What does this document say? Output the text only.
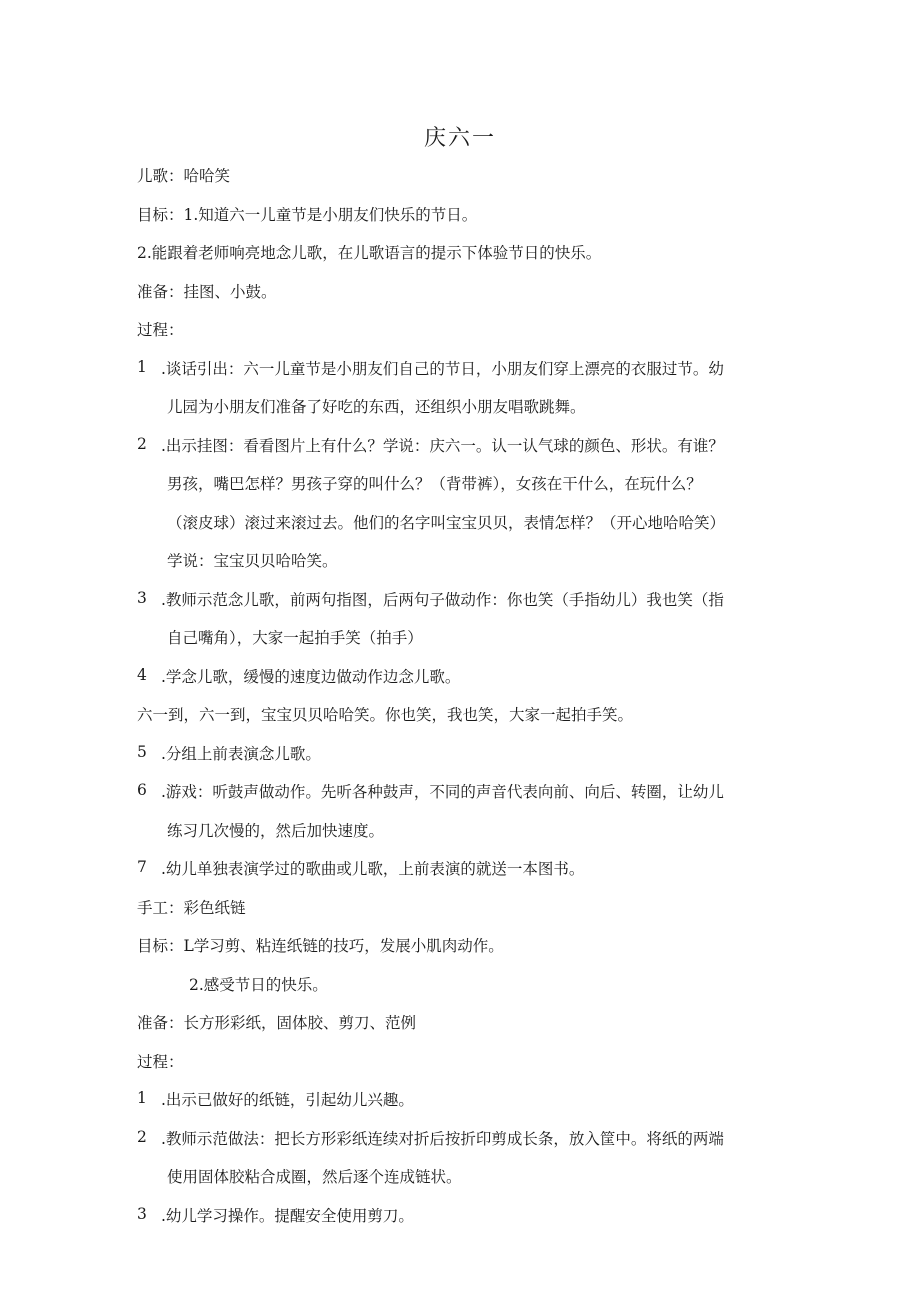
庆六一
儿歌：哈哈笑
目标：1.知道六一儿童节是小朋友们快乐的节日。
2.能跟着老师响亮地念儿歌，在儿歌语言的提示下体验节日的快乐。
准备：挂图、小鼓。
过程：
1 .谈话引出：六一儿童节是小朋友们自己的节日，小朋友们穿上漂亮的衣服过节。幼
儿园为小朋友们准备了好吃的东西，还组织小朋友唱歌跳舞。
2 .出示挂图：看看图片上有什么？学说：庆六一。认一认气球的颜色、形状。有谁？
男孩，嘴巴怎样？男孩子穿的叫什么？（背带裤），女孩在干什么，在玩什么？
（滚皮球）滚过来滚过去。他们的名字叫宝宝贝贝，表情怎样？（开心地哈哈笑）
学说：宝宝贝贝哈哈笑。
3 .教师示范念儿歌，前两句指图，后两句子做动作：你也笑（手指幼儿）我也笑（指
自己嘴角），大家一起拍手笑（拍手）
4 .学念儿歌，缓慢的速度边做动作边念儿歌。
六一到，六一到，宝宝贝贝哈哈笑。你也笑，我也笑，大家一起拍手笑。
5 .分组上前表演念儿歌。
6 .游戏：听鼓声做动作。先听各种鼓声，不同的声音代表向前、向后、转圈，让幼儿
练习几次慢的，然后加快速度。
7 .幼儿单独表演学过的歌曲或儿歌，上前表演的就送一本图书。
手工：彩色纸链
目标：L学习剪、粘连纸链的技巧，发展小肌肉动作。
2.感受节日的快乐。
准备：长方形彩纸，固体胶、剪刀、范例
过程：
1 .出示已做好的纸链，引起幼儿兴趣。
2 .教师示范做法：把长方形彩纸连续对折后按折印剪成长条，放入筐中。将纸的两端
使用固体胶粘合成圈，然后逐个连成链状。
3 .幼儿学习操作。提醒安全使用剪刀。
